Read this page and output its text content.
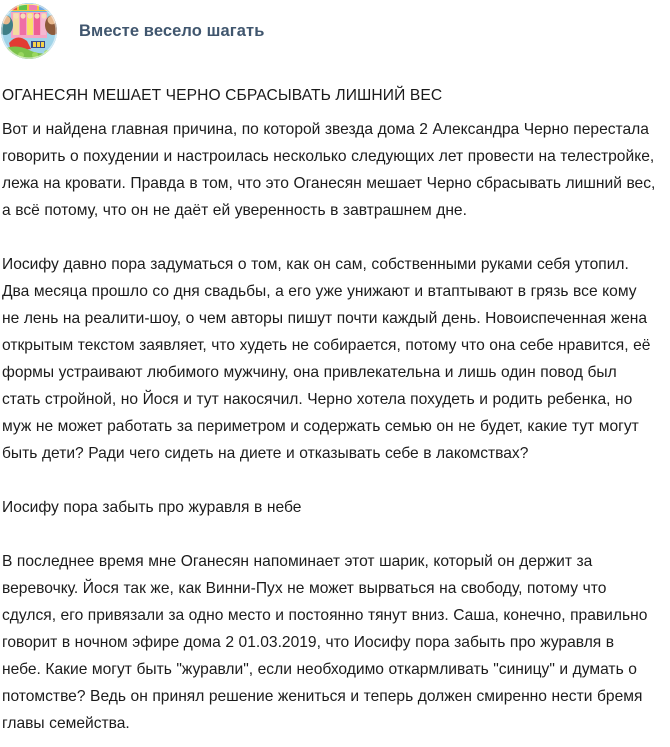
Вместе весело шагать
ОГАНЕСЯН МЕШАЕТ ЧЕРНО СБРАСЫВАТЬ ЛИШНИЙ ВЕС

Вот и найдена главная причина, по которой звезда дома 2 Александра Черно перестала говорить о похудении и настроилась несколько следующих лет провести на телестройке, лежа на кровати. Правда в том, что это Оганесян мешает Черно сбрасывать лишний вес, а всё потому, что он не даёт ей уверенность в завтрашнем дне.

Иосифу давно пора задуматься о том, как он сам, собственными руками себя утопил. Два месяца прошло со дня свадьбы, а его уже унижают и втаптывают в грязь все кому не лень на реалити-шоу, о чем авторы пишут почти каждый день. Новоиспеченная жена открытым текстом заявляет, что худеть не собирается, потому что она себе нравится, её формы устраивают любимого мужчину, она привлекательна и лишь один повод был стать стройной, но Йося и тут накосячил. Черно хотела похудеть и родить ребенка, но муж не может работать за периметром и содержать семью он не будет, какие тут могут быть дети? Ради чего сидеть на диете и отказывать себе в лакомствах?

Иосифу пора забыть про журавля в небе

В последнее время мне Оганесян напоминает этот шарик, который он держит за веревочку. Йося так же, как Винни-Пух не может вырваться на свободу, потому что сдулся, его привязали за одно место и постоянно тянут вниз. Саша, конечно, правильно говорит в ночном эфире дома 2 01.03.2019, что Иосифу пора забыть про журавля в небе. Какие могут быть "журавли", если необходимо откармливать "синицу" и думать о потомстве? Ведь он принял решение жениться и теперь должен смиренно нести бремя главы семейства.
